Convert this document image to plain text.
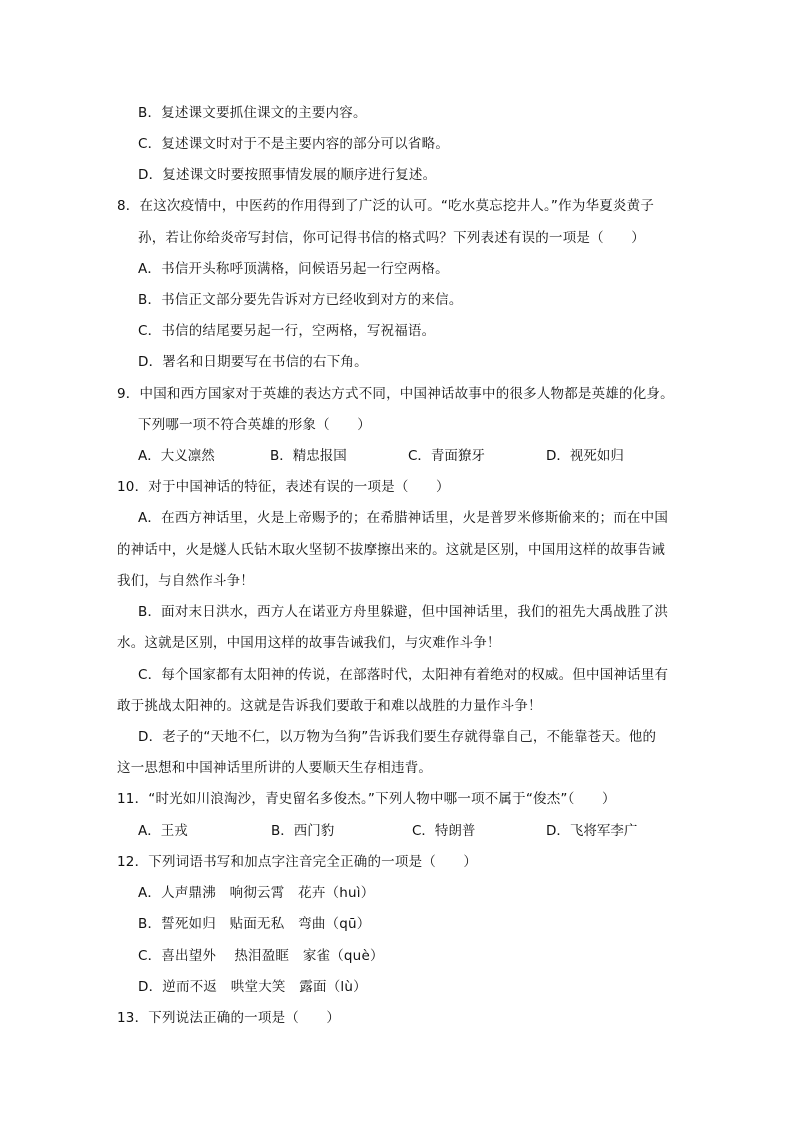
B．复述课文要抓住课文的主要内容。
C．复述课文时对于不是主要内容的部分可以省略。
D．复述课文时要按照事情发展的顺序进行复述。
8．在这次疫情中，中医药的作用得到了广泛的认可。“吃水莫忘挖井人。”作为华夏炎黄子
孙，若让你给炎帝写封信，你可记得书信的格式吗？下列表述有误的一项是（　　）
A．书信开头称呼顶满格，问候语另起一行空两格。
B．书信正文部分要先告诉对方已经收到对方的来信。
C．书信的结尾要另起一行，空两格，写祝福语。
D．署名和日期要写在书信的右下角。
9．中国和西方国家对于英雄的表达方式不同，中国神话故事中的很多人物都是英雄的化身。
下列哪一项不符合英雄的形象（　　）
A．大义凛然	B．精忠报国	C．青面獠牙	D．视死如归
10．对于中国神话的特征，表述有误的一项是（　　）
A．在西方神话里，火是上帝赐予的；在希腊神话里，火是普罗米修斯偷来的；而在中国
的神话中，火是燧人氏钻木取火坚韧不拔摩擦出来的。这就是区别，中国用这样的故事告诫
我们，与自然作斗争！
B．面对末日洪水，西方人在诺亚方舟里躲避，但中国神话里，我们的祖先大禹战胜了洪
水。这就是区别，中国用这样的故事告诫我们，与灾难作斗争！
C．每个国家都有太阳神的传说，在部落时代，太阳神有着绝对的权威。但中国神话里有
敢于挑战太阳神的。这就是告诉我们要敢于和难以战胜的力量作斗争！
D．老子的“天地不仁，以万物为刍狗”告诉我们要生存就得靠自己，不能靠苍天。他的
这一思想和中国神话里所讲的人要顺天生存相违背。
11．“时光如川浪淘沙，青史留名多俊杰。”下列人物中哪一项不属于“俊杰”（　　）
A．王戎	B．西门豹	C．特朗普	D．飞将军李广
12．下列词语书写和加点字注音完全正确的一项是（　　）
A．人声鼎沸　响彻云霄　花卉（huì）
B．誓死如归　贴面无私　弯曲（qū）
C．喜出望外　 热泪盈眶　家雀（què）
D．逆而不返　哄堂大笑　露面（lù）
13．下列说法正确的一项是（　　）
